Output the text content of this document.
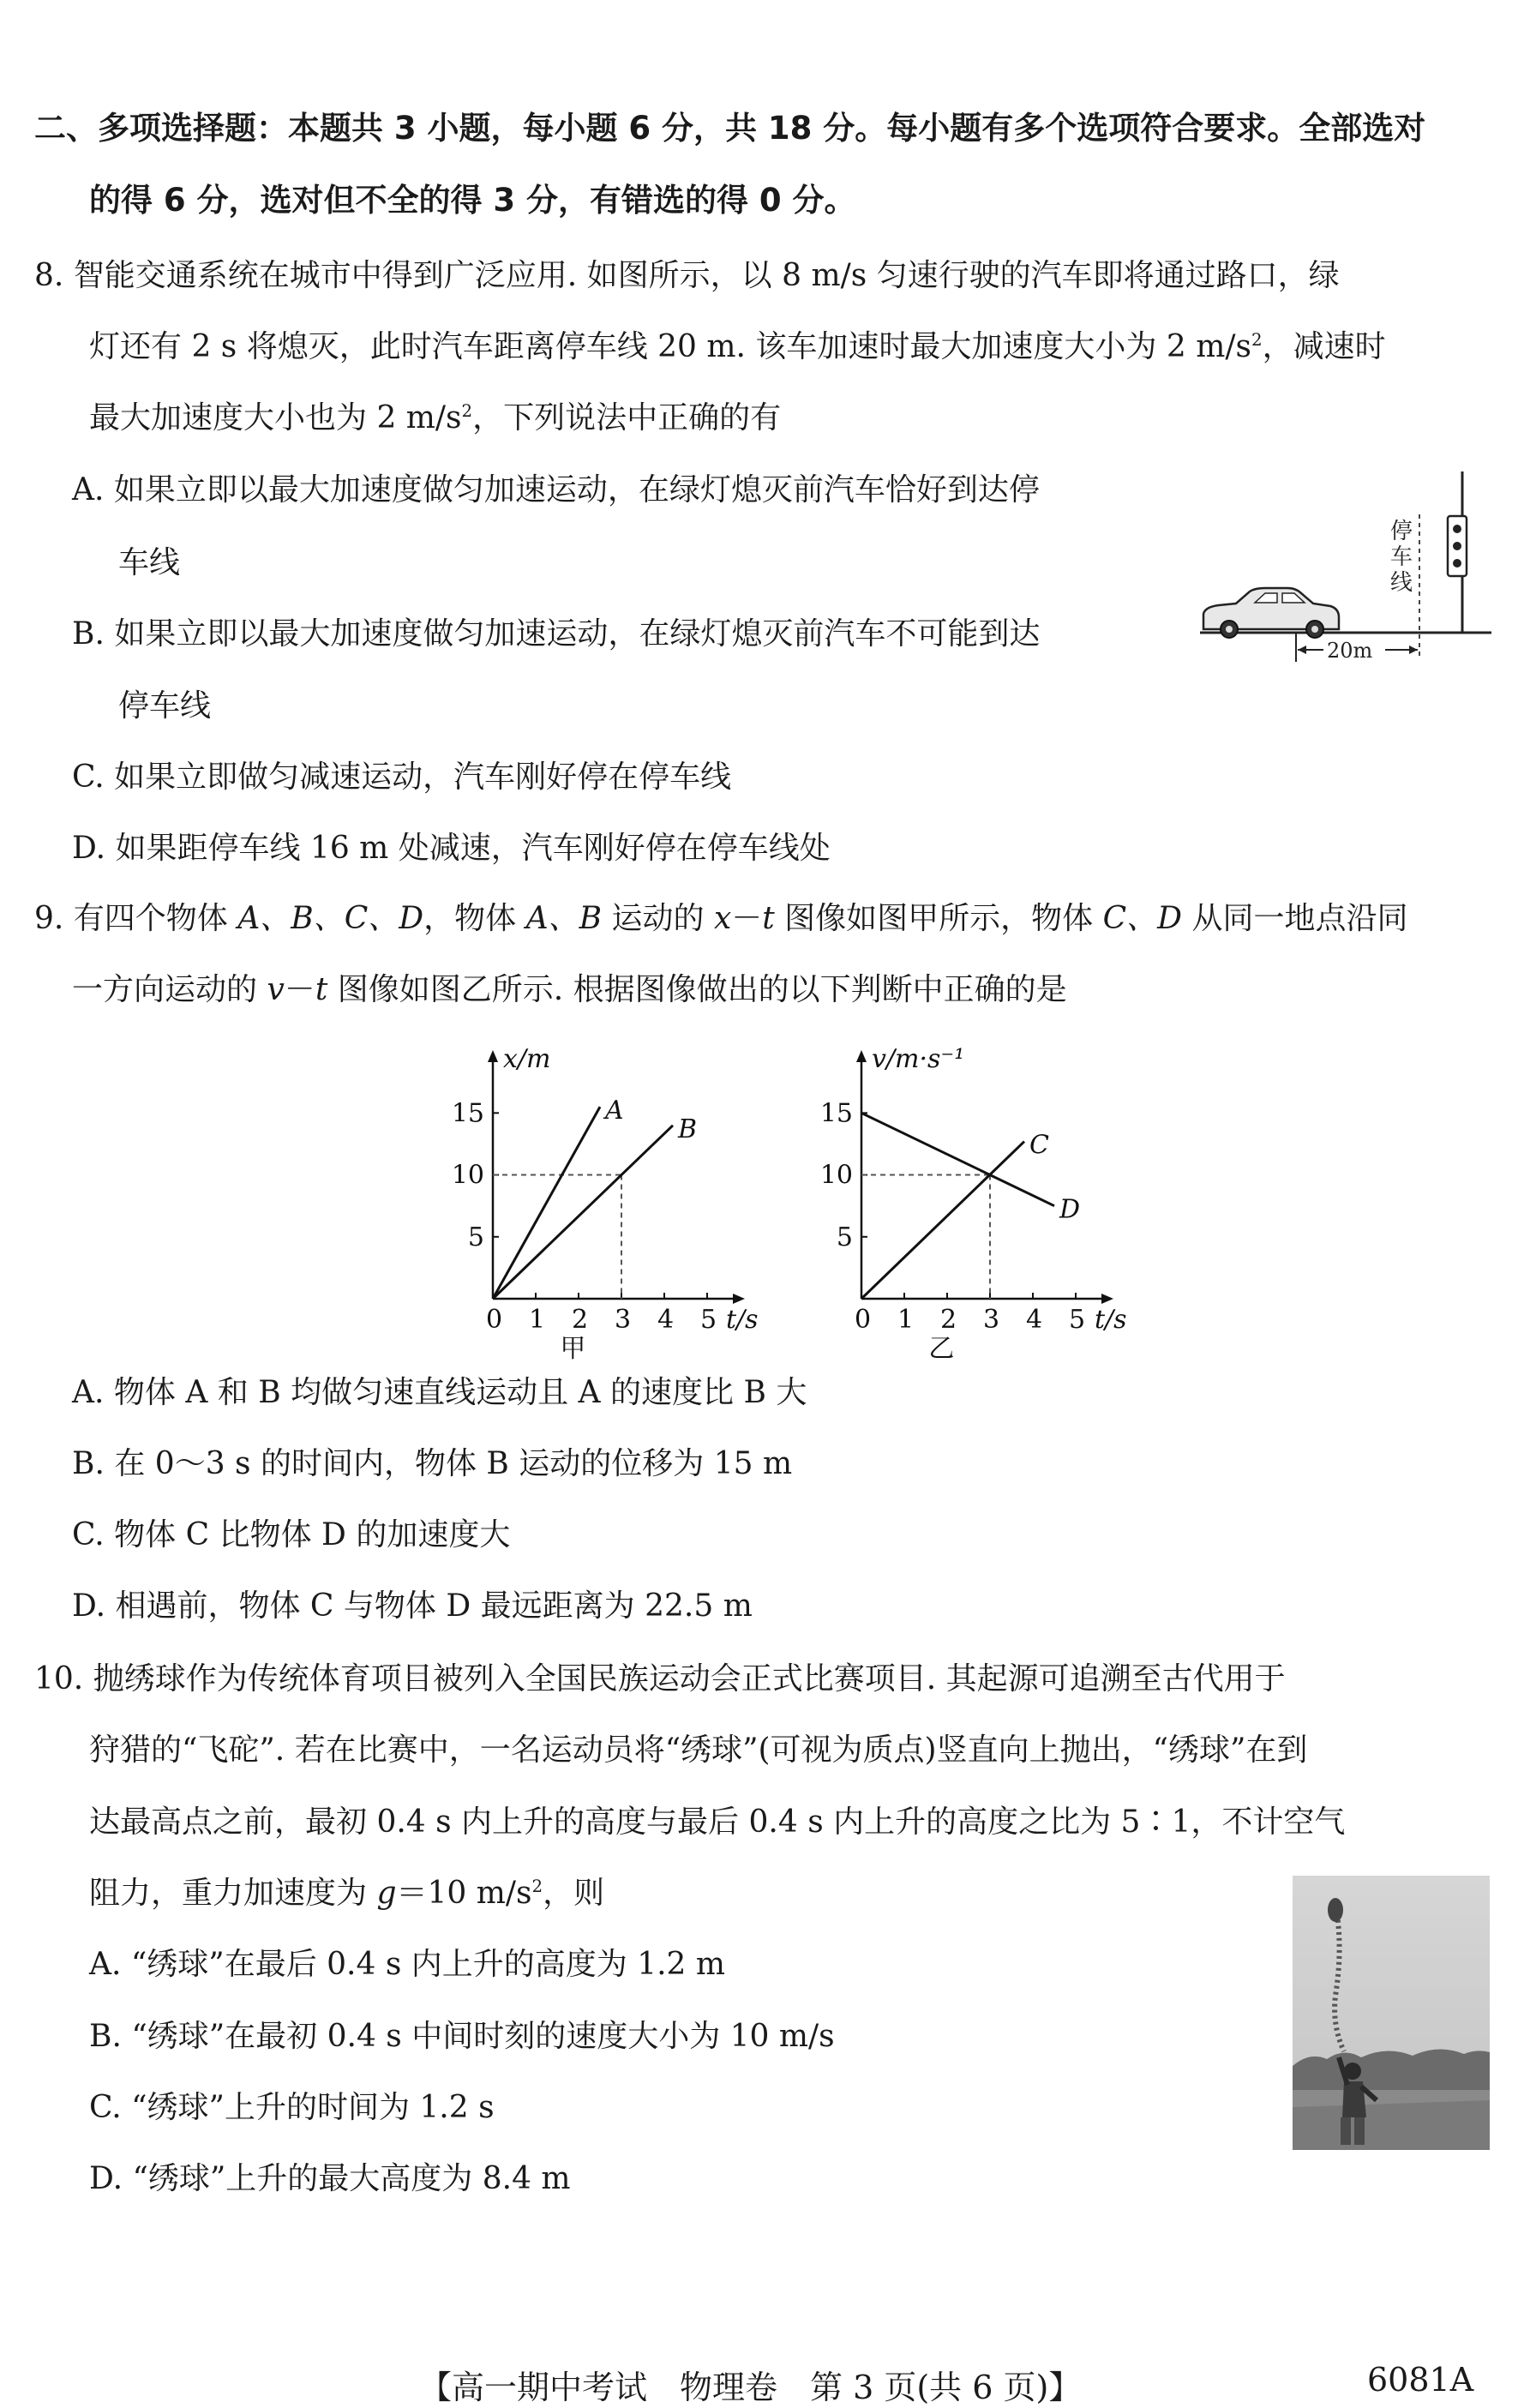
二、多项选择题：本题共 3 小题，每小题 6 分，共 18 分。每小题有多个选项符合要求。全部选对
的得 6 分，选对但不全的得 3 分，有错选的得 0 分。
8. 智能交通系统在城市中得到广泛应用. 如图所示，以 8 m/s 匀速行驶的汽车即将通过路口，绿
灯还有 2 s 将熄灭，此时汽车距离停车线 20 m. 该车加速时最大加速度大小为 2 $m/s^2$，减速时
最大加速度大小也为 2 $m/s^2$，下列说法中正确的有
A. 如果立即以最大加速度做匀加速运动，在绿灯熄灭前汽车恰好到达停
车线
B. 如果立即以最大加速度做匀加速运动，在绿灯熄灭前汽车不可能到达
停车线
C. 如果立即做匀减速运动，汽车刚好停在停车线
D. 如果距停车线 16 m 处减速，汽车刚好停在停车线处
停
车
线
20m
9. 有四个物体 A、B、C、D，物体 A、B 运动的 x－t 图像如图甲所示，物体 C、D 从同一地点沿同
一方向运动的 v－t 图像如图乙所示. 根据图像做出的以下判断中正确的是
0 1 2 3 4 5
5
10
15
x/m
t/s
A
B
甲
0 1 2 3 4 5
5
10
15
v/m·s⁻¹
t/s
C
D
乙
A. 物体 A 和 B 均做匀速直线运动且 A 的速度比 B 大
B. 在 0～3 s 的时间内，物体 B 运动的位移为 15 m
C. 物体 C 比物体 D 的加速度大
D. 相遇前，物体 C 与物体 D 最远距离为 22.5 m
10. 抛绣球作为传统体育项目被列入全国民族运动会正式比赛项目. 其起源可追溯至古代用于
狩猎的“飞砣”. 若在比赛中，一名运动员将“绣球”(可视为质点)竖直向上抛出，“绣球”在到
达最高点之前，最初 0.4 s 内上升的高度与最后 0.4 s 内上升的高度之比为 5∶1，不计空气
阻力，重力加速度为 g＝10 $m/s^2$，则
A. “绣球”在最后 0.4 s 内上升的高度为 1.2 m
B. “绣球”在最初 0.4 s 中间时刻的速度大小为 10 m/s
C. “绣球”上升的时间为 1.2 s
D. “绣球”上升的最大高度为 8.4 m
【高一期中考试　物理卷　第 3 页(共 6 页)】	6081A
